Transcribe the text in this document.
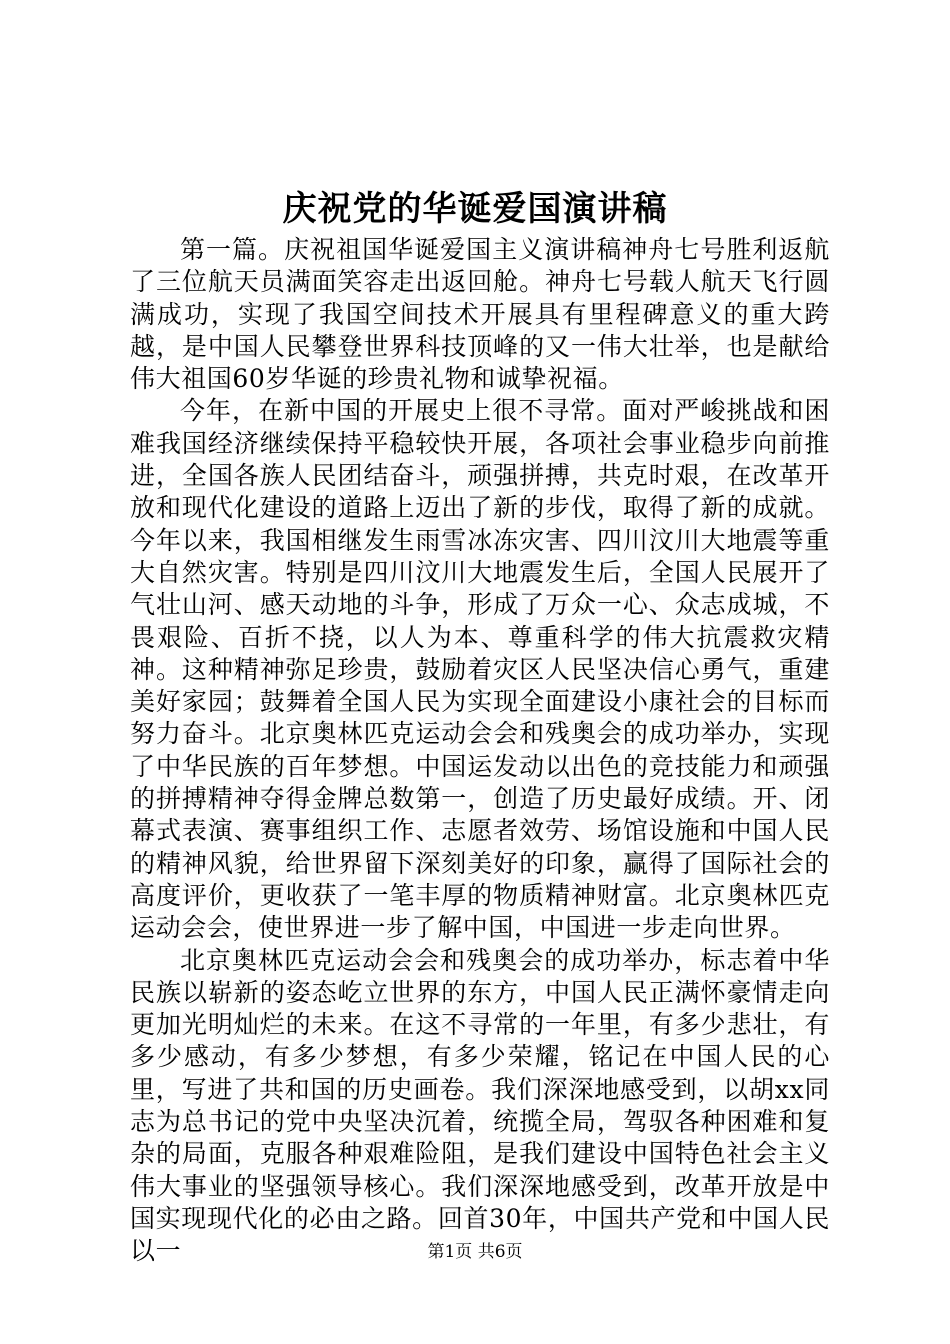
庆祝党的华诞爱国演讲稿

第一篇。庆祝祖国华诞爱国主义演讲稿神舟七号胜利返航了三位航天员满面笑容走出返回舱。神舟七号载人航天飞行圆满成功，实现了我国空间技术开展具有里程碑意义的重大跨越，是中国人民攀登世界科技顶峰的又一伟大壮举，也是献给伟大祖国60岁华诞的珍贵礼物和诚挚祝福。

今年，在新中国的开展史上很不寻常。面对严峻挑战和困难我国经济继续保持平稳较快开展，各项社会事业稳步向前推进，全国各族人民团结奋斗，顽强拼搏，共克时艰，在改革开放和现代化建设的道路上迈出了新的步伐，取得了新的成就。今年以来，我国相继发生雨雪冰冻灾害、四川汶川大地震等重大自然灾害。特别是四川汶川大地震发生后，全国人民展开了气壮山河、感天动地的斗争，形成了万众一心、众志成城，不畏艰险、百折不挠，以人为本、尊重科学的伟大抗震救灾精神。这种精神弥足珍贵，鼓励着灾区人民坚决信心勇气，重建美好家园；鼓舞着全国人民为实现全面建设小康社会的目标而努力奋斗。北京奥林匹克运动会会和残奥会的成功举办，实现了中华民族的百年梦想。中国运发动以出色的竞技能力和顽强的拼搏精神夺得金牌总数第一，创造了历史最好成绩。开、闭幕式表演、赛事组织工作、志愿者效劳、场馆设施和中国人民的精神风貌，给世界留下深刻美好的印象，赢得了国际社会的高度评价，更收获了一笔丰厚的物质精神财富。北京奥林匹克运动会会，使世界进一步了解中国，中国进一步走向世界。

北京奥林匹克运动会会和残奥会的成功举办，标志着中华民族以崭新的姿态屹立世界的东方，中国人民正满怀豪情走向更加光明灿烂的未来。在这不寻常的一年里，有多少悲壮，有多少感动，有多少梦想，有多少荣耀，铭记在中国人民的心里，写进了共和国的历史画卷。我们深深地感受到，以胡xx同志为总书记的党中央坚决沉着，统揽全局，驾驭各种困难和复杂的局面，克服各种艰难险阻，是我们建设中国特色社会主义伟大事业的坚强领导核心。我们深深地感受到，改革开放是中国实现现代化的必由之路。回首30年，中国共产党和中国人民以一	第1页 共6页
